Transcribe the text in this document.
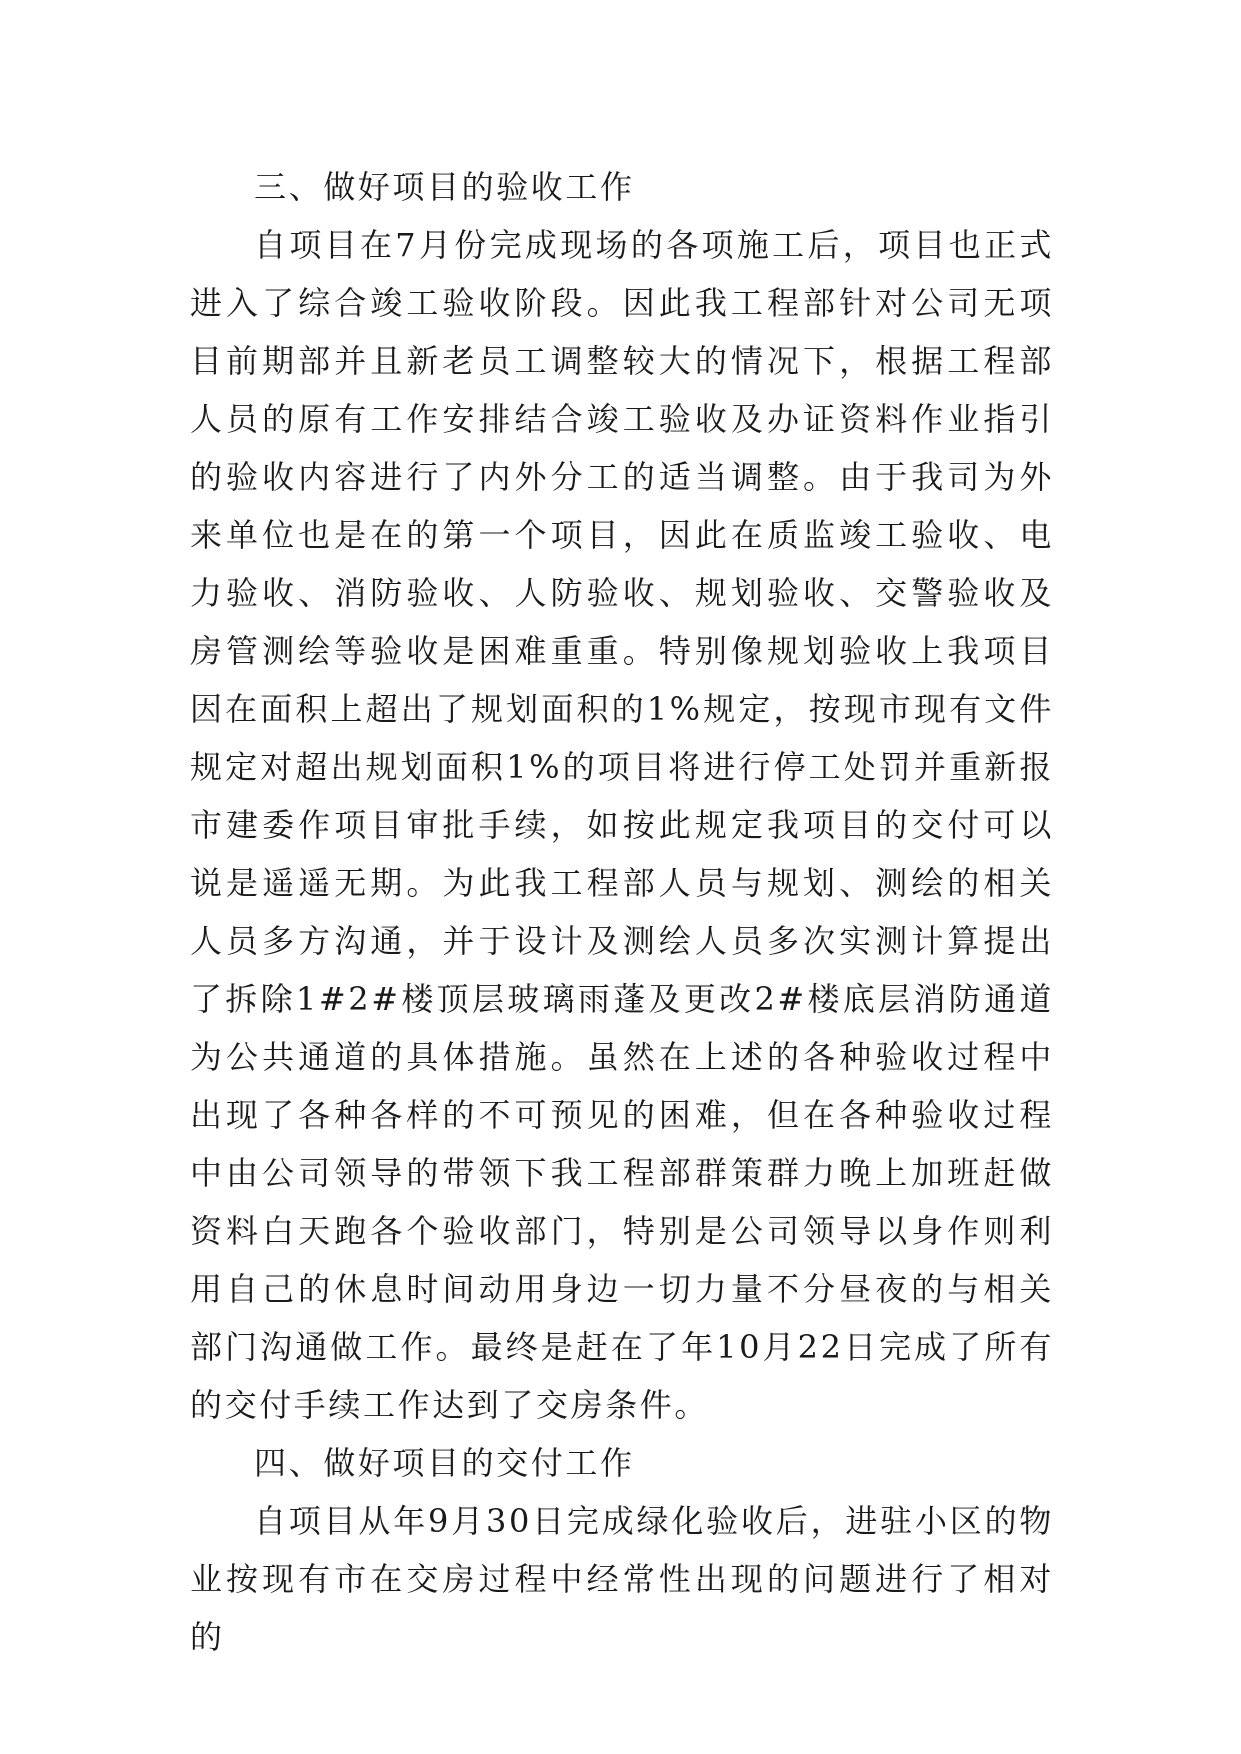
三、做好项目的验收工作

自项目在7月份完成现场的各项施工后，项目也正式进入了综合竣工验收阶段。因此我工程部针对公司无项目前期部并且新老员工调整较大的情况下，根据工程部人员的原有工作安排结合竣工验收及办证资料作业指引的验收内容进行了内外分工的适当调整。由于我司为外来单位也是在的第一个项目，因此在质监竣工验收、电力验收、消防验收、人防验收、规划验收、交警验收及房管测绘等验收是困难重重。特别像规划验收上我项目因在面积上超出了规划面积的1%规定，按现市现有文件规定对超出规划面积1%的项目将进行停工处罚并重新报市建委作项目审批手续，如按此规定我项目的交付可以说是遥遥无期。为此我工程部人员与规划、测绘的相关人员多方沟通，并于设计及测绘人员多次实测计算提出了拆除1#2#楼顶层玻璃雨蓬及更改2#楼底层消防通道为公共通道的具体措施。虽然在上述的各种验收过程中出现了各种各样的不可预见的困难，但在各种验收过程中由公司领导的带领下我工程部群策群力晚上加班赶做资料白天跑各个验收部门，特别是公司领导以身作则利用自己的休息时间动用身边一切力量不分昼夜的与相关部门沟通做工作。最终是赶在了年10月22日完成了所有的交付手续工作达到了交房条件。

四、做好项目的交付工作

自项目从年9月30日完成绿化验收后，进驻小区的物业按现有市在交房过程中经常性出现的问题进行了相对的
